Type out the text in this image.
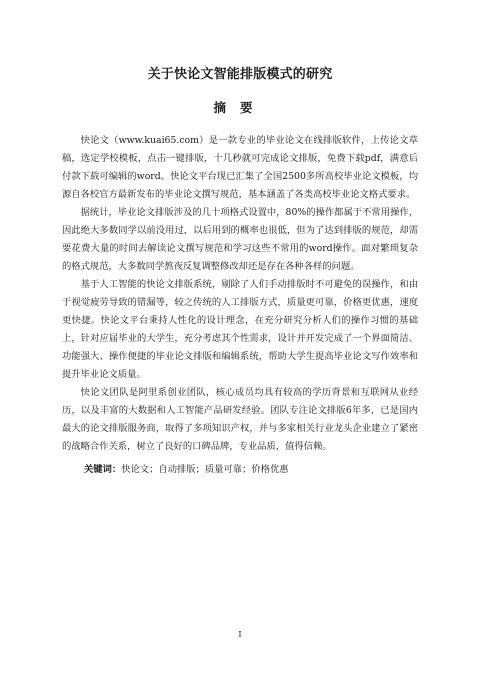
关于快论文智能排版模式的研究
摘要

快论文（www.kuai65.com）是一款专业的毕业论文在线排版软件，上传论文草稿，选定学校模板，点击一键排版，十几秒就可完成论文排版，免费下载pdf，满意后付款下载可编辑的word。快论文平台现已汇集了全国2500多所高校毕业论文模板，均源自各校官方最新发布的毕业论文撰写规范，基本涵盖了各类高校毕业论文格式要求。

据统计，毕业论文排版涉及的几十项格式设置中，80%的操作都属于不常用操作，因此绝大多数同学以前没用过，以后用到的概率也很低，但为了达到排版的规范，却需要花费大量的时间去解读论文撰写规范和学习这些不常用的word操作。面对繁琐复杂的格式规范，大多数同学熬夜反复调整修改却还是存在各种各样的问题。

基于人工智能的快论文排版系统，剔除了人们手动排版时不可避免的误操作，和由于视觉疲劳导致的错漏等，较之传统的人工排版方式，质量更可靠，价格更优惠，速度更快捷。快论文平台秉持人性化的设计理念，在充分研究分析人们的操作习惯的基础上，针对应届毕业的大学生，充分考虑其个性需求，设计并开发完成了一个界面简洁、功能强大、操作便捷的毕业论文排版和编辑系统，帮助大学生提高毕业论文写作效率和提升毕业论文质量。

快论文团队是阿里系创业团队，核心成员均具有较高的学历背景和互联网从业经历，以及丰富的大数据和人工智能产品研发经验。团队专注论文排版6年多，已是国内最大的论文排版服务商，取得了多项知识产权，并与多家相关行业龙头企业建立了紧密的战略合作关系，树立了良好的口碑品牌，专业品质，值得信赖。

关键词：快论文；自动排版；质量可靠；价格优惠
I
